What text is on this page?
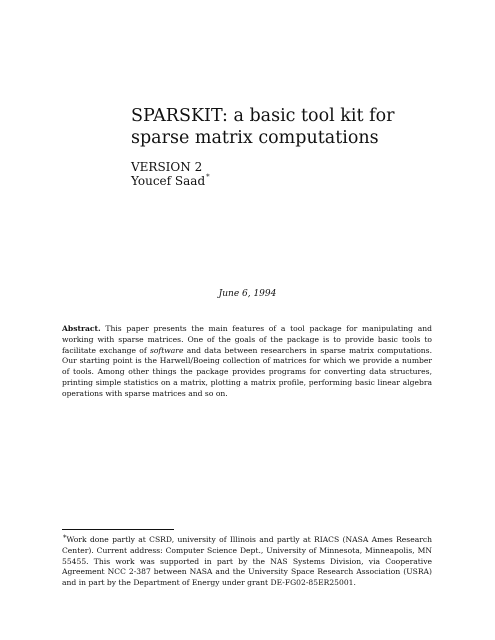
SPARSKIT: a basic tool kit for
sparse matrix computations
VERSION 2
Youcef Saad*
June 6, 1994
Abstract. This paper presents the main features of a tool package for manipulating and working with sparse matrices. One of the goals of the package is to provide basic tools to facilitate exchange of software and data between researchers in sparse matrix computations. Our starting point is the Harwell/Boeing collection of matrices for which we provide a number of tools. Among other things the package provides programs for converting data structures, printing simple statistics on a matrix, plotting a matrix profile, performing basic linear algebra operations with sparse matrices and so on.
*Work done partly at CSRD, university of Illinois and partly at RIACS (NASA Ames Research Center). Current address: Computer Science Dept., University of Minnesota, Minneapolis, MN 55455. This work was supported in part by the NAS Systems Division, via Cooperative Agreement NCC 2-387 between NASA and the University Space Research Association (USRA) and in part by the Department of Energy under grant DE-FG02-85ER25001.
